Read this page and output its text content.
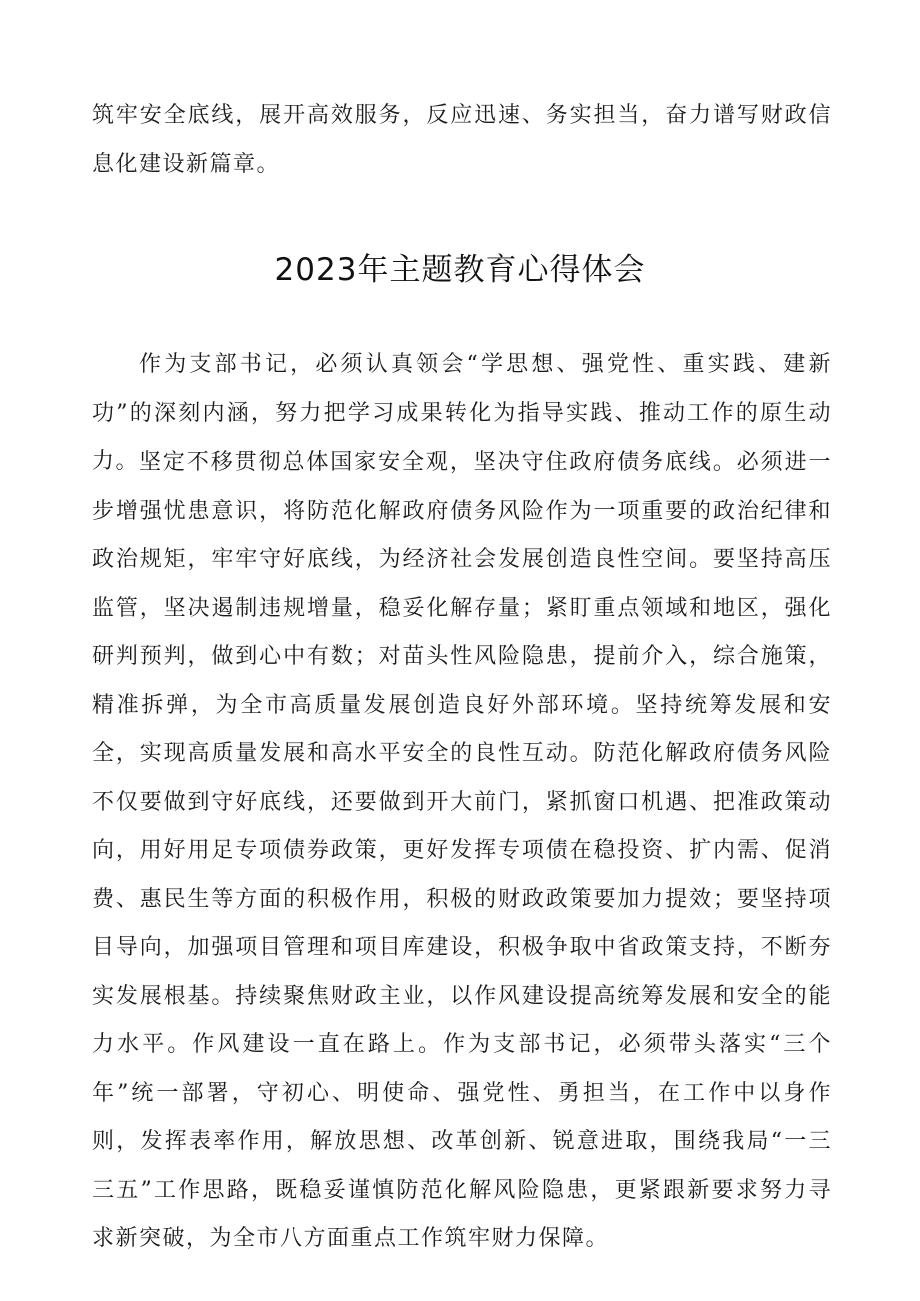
筑牢安全底线，展开高效服务，反应迅速、务实担当，奋力谱写财政信息化建设新篇章。

2023年主题教育心得体会

作为支部书记，必须认真领会“学思想、强党性、重实践、建新功”的深刻内涵，努力把学习成果转化为指导实践、推动工作的原生动力。 坚定不移贯彻总体国家安全观，坚决守住政府债务底线。必须进一步增强忧患意识，将防范化解政府债务风险作为一项重要的政治纪律和政治规矩，牢牢守好底线，为经济社会发展创造良性空间。要坚持高压监管，坚决遏制违规增量，稳妥化解存量；紧盯重点领域和地区，强化研判预判，做到心中有数；对苗头性风险隐患，提前介入，综合施策，精准拆弹，为全市高质量发展创造良好外部环境。坚持统筹发展和安全，实现高质量发展和高水平安全的良性互动。防范化解政府债务风险不仅要做到守好底线，还要做到开大前门，紧抓窗口机遇、把准政策动向，用好用足专项债券政策，更好发挥专项债在稳投资、扩内需、促消费、惠民生等方面的积极作用，积极的财政政策要加力提效；要坚持项目导向，加强项目管理和项目库建设，积极争取中省政策支持，不断夯实发展根基。持续聚焦财政主业，以作风建设提高统筹发展和安全的能力水平。作风建设一直在路上。作为支部书记，必须带头落实“三个年”统一部署，守初心、明使命、强党性、勇担当，在工作中以身作则，发挥表率作用，解放思想、改革创新、锐意进取，围绕我局“一三三五”工作思路，既稳妥谨慎防范化解风险隐患，更紧跟新要求努力寻求新突破，为全市八方面重点工作筑牢财力保障。
